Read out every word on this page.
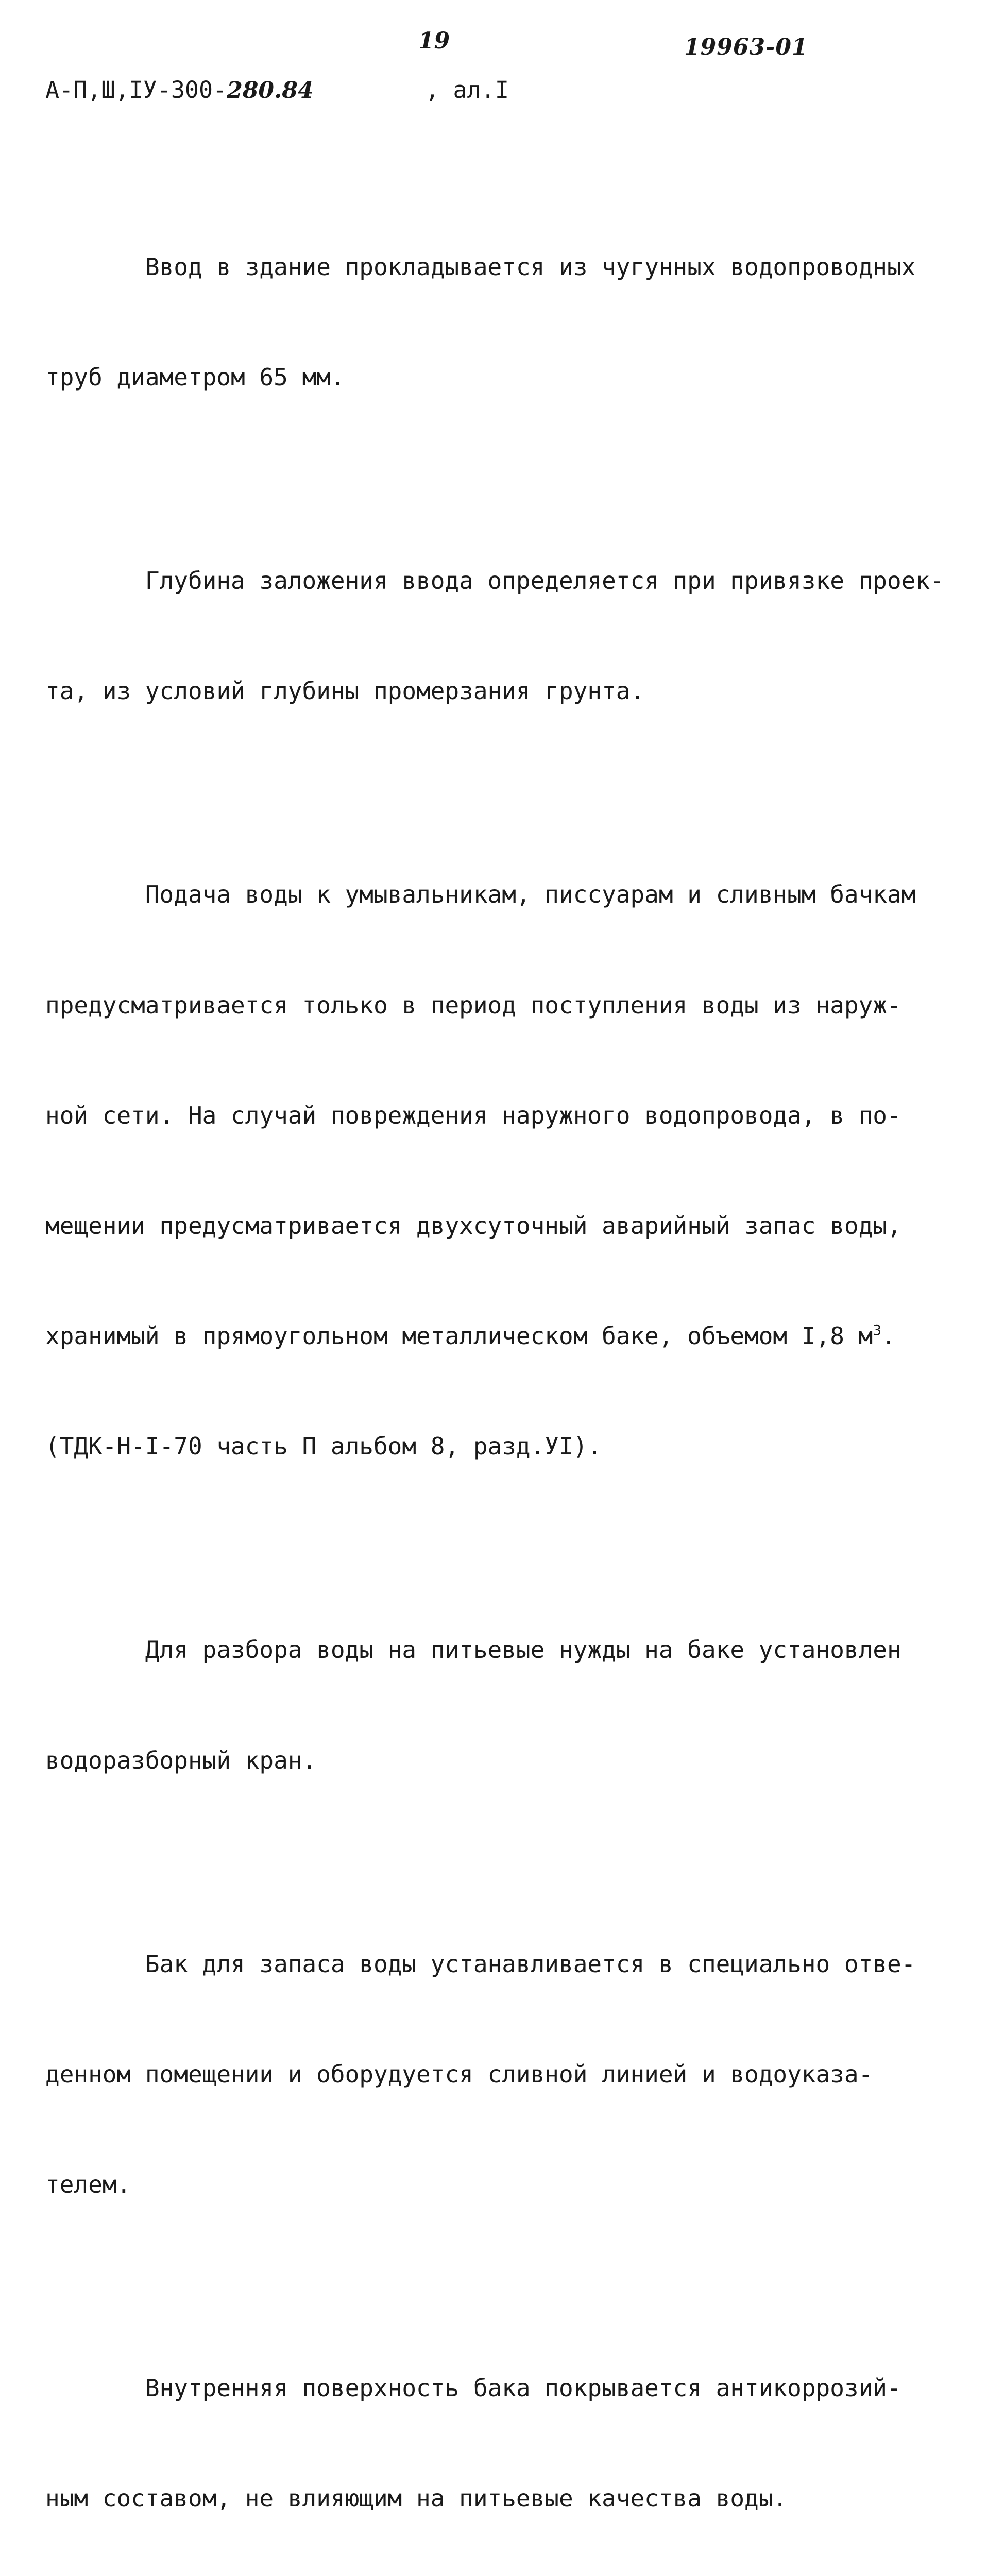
19	19963-01
А-П,Ш,IУ-300-280.84	, ал.I

Ввод в здание прокладывается из чугунных водопроводных

труб диаметром 65 мм.

Глубина заложения ввода определяется при привязке проек-

та, из условий глубины промерзания грунта.

Подача воды к умывальникам, писсуарам и сливным бачкам

предусматривается только в период поступления воды из наруж-

ной сети. На случай повреждения наружного водопровода, в по-

мещении предусматривается двухсуточный аварийный запас воды,

хранимый в прямоугольном металлическом баке, объемом I,8 $м^3$.

(ТДК-Н-I-70 часть П альбом 8, разд.УI).

Для разбора воды на питьевые нужды на баке установлен

водоразборный кран.

Бак для запаса воды устанавливается в специально отве-

денном помещении и оборудуется сливной линией и водоуказа-

телем.

Внутренняя поверхность бака покрывается антикоррозий-

ным составом, не влияющим на питьевые качества воды.
